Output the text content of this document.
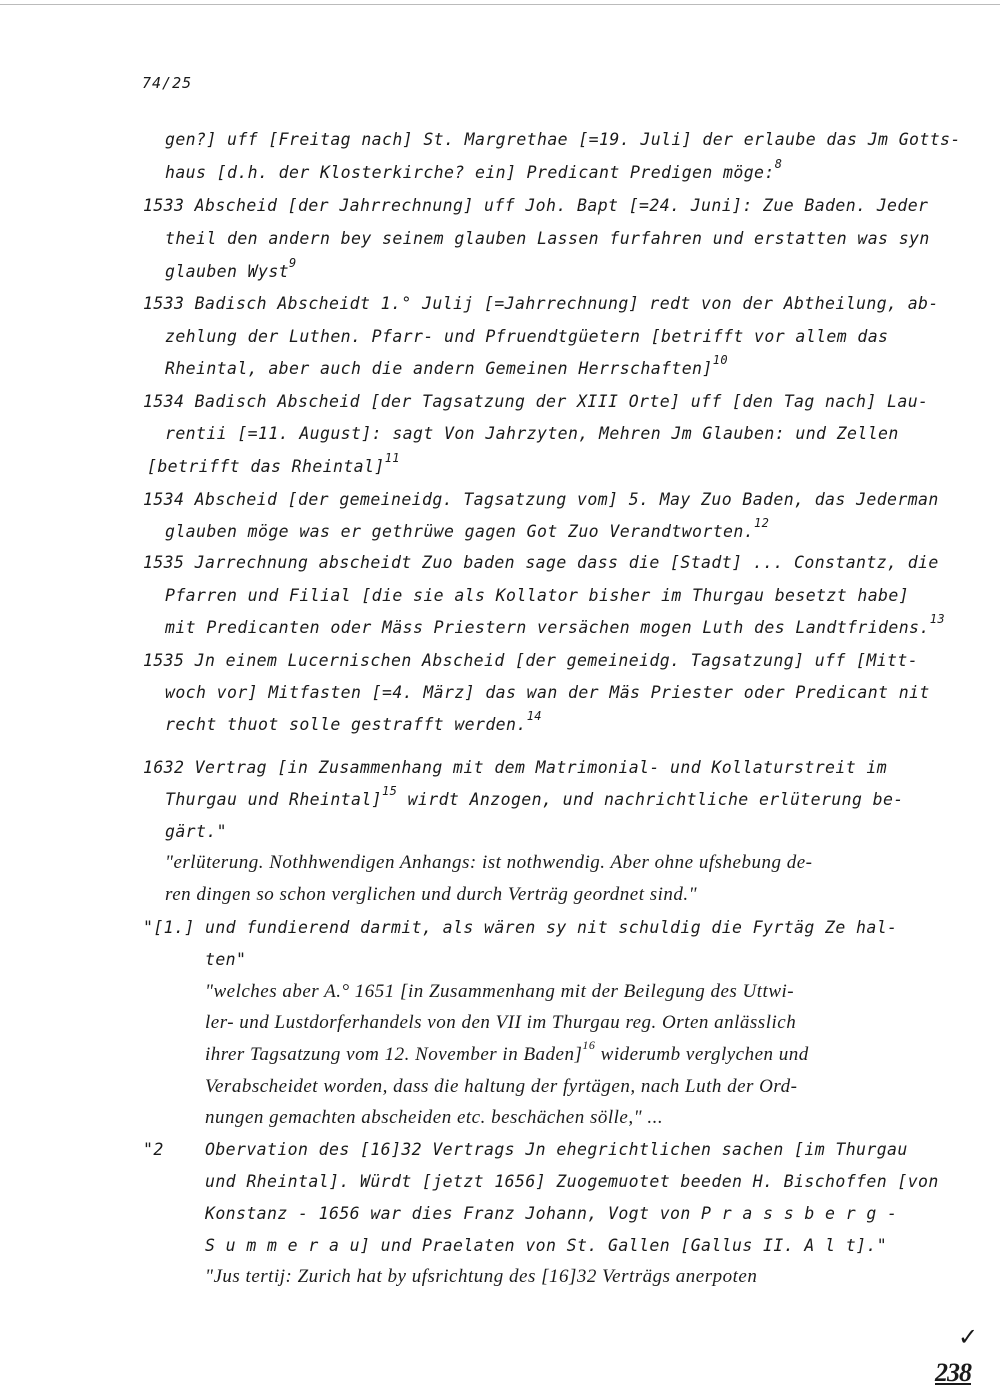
74/25
gen?] uff [Freitag nach] St. Margrethae [=19. Juli] der erlaube das Jm Gotts-
haus [d.h. der Klosterkirche? ein] Predicant Predigen möge:$^8$
1533 Abscheid [der Jahrrechnung] uff Joh. Bapt [=24. Juni]: Zue Baden. Jeder
theil den andern bey seinem glauben Lassen furfahren und erstatten was syn
glauben Wyst$^9$
1533 Badisch Abscheidt 1.° Julij [=Jahrrechnung] redt von der Abtheilung, ab-
zehlung der Luthen. Pfarr- und Pfruendtgüetern [betrifft vor allem das
Rheintal, aber auch die andern Gemeinen Herrschaften]$^{10}$
1534 Badisch Abscheid [der Tagsatzung der XIII Orte] uff [den Tag nach] Lau-
rentii [=11. August]: sagt Von Jahrzyten, Mehren Jm Glauben: und Zellen
[betrifft das Rheintal]$^{11}$
1534 Abscheid [der gemeineidg. Tagsatzung vom] 5. May Zuo Baden, das Jederman
glauben möge was er gethrüwe gagen Got Zuo Verandtworten.$^{12}$
1535 Jarrechnung abscheidt Zuo baden sage dass die [Stadt] ... Constantz, die
Pfarren und Filial [die sie als Kollator bisher im Thurgau besetzt habe]
mit Predicanten oder Mäss Priestern versächen mogen Luth des Landtfridens.$^{13}$
1535 Jn einem Lucernischen Abscheid [der gemeineidg. Tagsatzung] uff [Mitt-
woch vor] Mitfasten [=4. März] das wan der Mäs Priester oder Predicant nit
recht thuot solle gestrafft werden.$^{14}$
1632 Vertrag [in Zusammenhang mit dem Matrimonial- und Kollaturstreit im
Thurgau und Rheintal]$^{15}$ wirdt Anzogen, und nachrichtliche erlüterung be-
gärt."
"erlüterung. Nothhwendigen Anhangs: ist nothwendig. Aber ohne ufshebung de-
ren dingen so schon verglichen und durch Verträg geordnet sind."
"[1.] und fundierend darmit, als wären sy nit schuldig die Fyrtäg Ze hal-
ten"
"welches aber A.° 1651 [in Zusammenhang mit der Beilegung des Uttwi-
ler- und Lustdorferhandels von den VII im Thurgau reg. Orten anlässlich
ihrer Tagsatzung vom 12. November in Baden]$^{16}$ widerumb verglychen und
Verabscheidet worden, dass die haltung der fyrtägen, nach Luth der Ord-
nungen gemachten abscheiden etc. beschächen sölle," ...
"2	Obervation des [16]32 Vertrags Jn ehegrichtlichen sachen [im Thurgau
und Rheintal]. Würdt [jetzt 1656] Zuogemuotet beeden H. Bischoffen [von
Konstanz - 1656 war dies Franz Johann, Vogt von P r a s s b e r g -
S u m m e r a u] und Praelaten von St. Gallen [Gallus II. A l t]."
"Jus tertij: Zurich hat by ufsrichtung des [16]32 Verträgs anerpoten
✓
238
